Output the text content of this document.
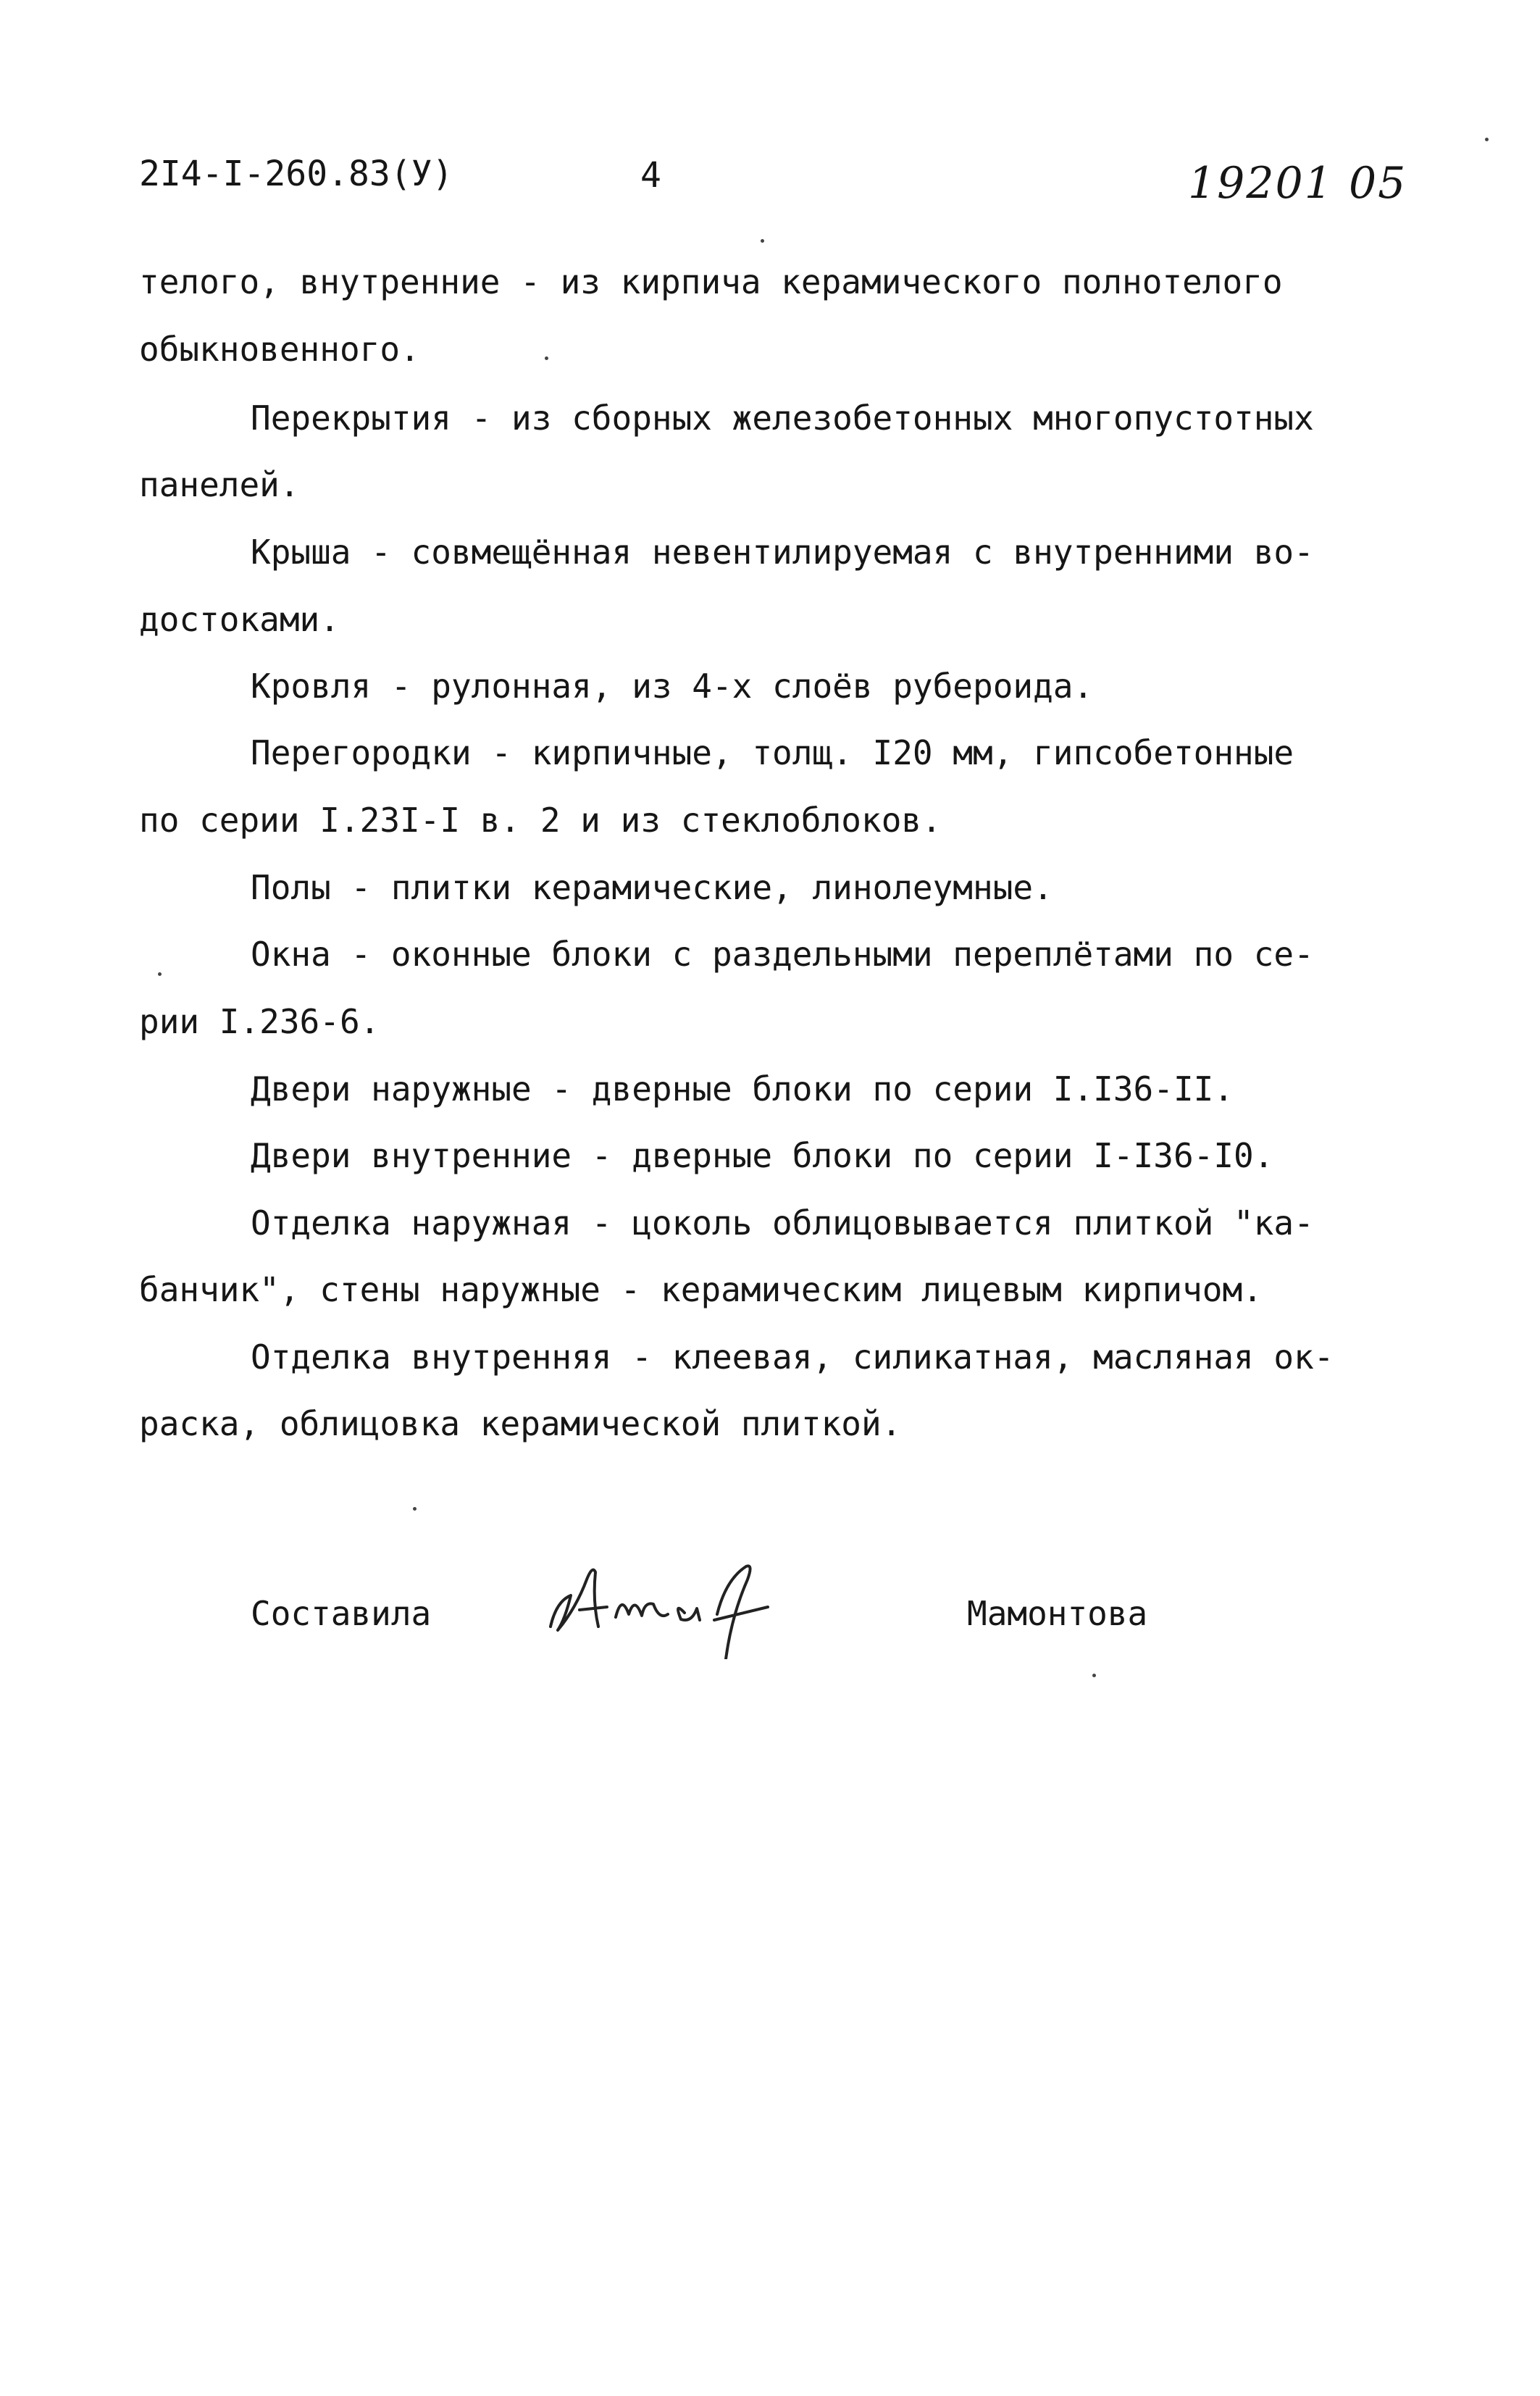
2I4-I-260.83(У)	4	19201 05
телого, внутренние - из кирпича керамического полнотелого
обыкновенного.
Перекрытия - из сборных железобетонных многопустотных
панелей.
Крыша - совмещённая невентилируемая с внутренними во-
достоками.
Кровля - рулонная, из 4-х слоёв рубероида.
Перегородки - кирпичные, толщ. I20 мм, гипсобетонные
по серии I.23I-I в. 2 и из стеклоблоков.
Полы - плитки керамические, линолеумные.
Окна - оконные блоки с раздельными переплётами по се-
рии I.236-6.
Двери наружные - дверные блоки по серии I.I36-II.
Двери внутренние - дверные блоки по серии I-I36-I0.
Отделка наружная - цоколь облицовывается плиткой "ка-
банчик", стены наружные - керамическим лицевым кирпичом.
Отделка внутренняя - клеевая, силикатная, масляная ок-
раска, облицовка керамической плиткой.
Составила	Мамонтова
